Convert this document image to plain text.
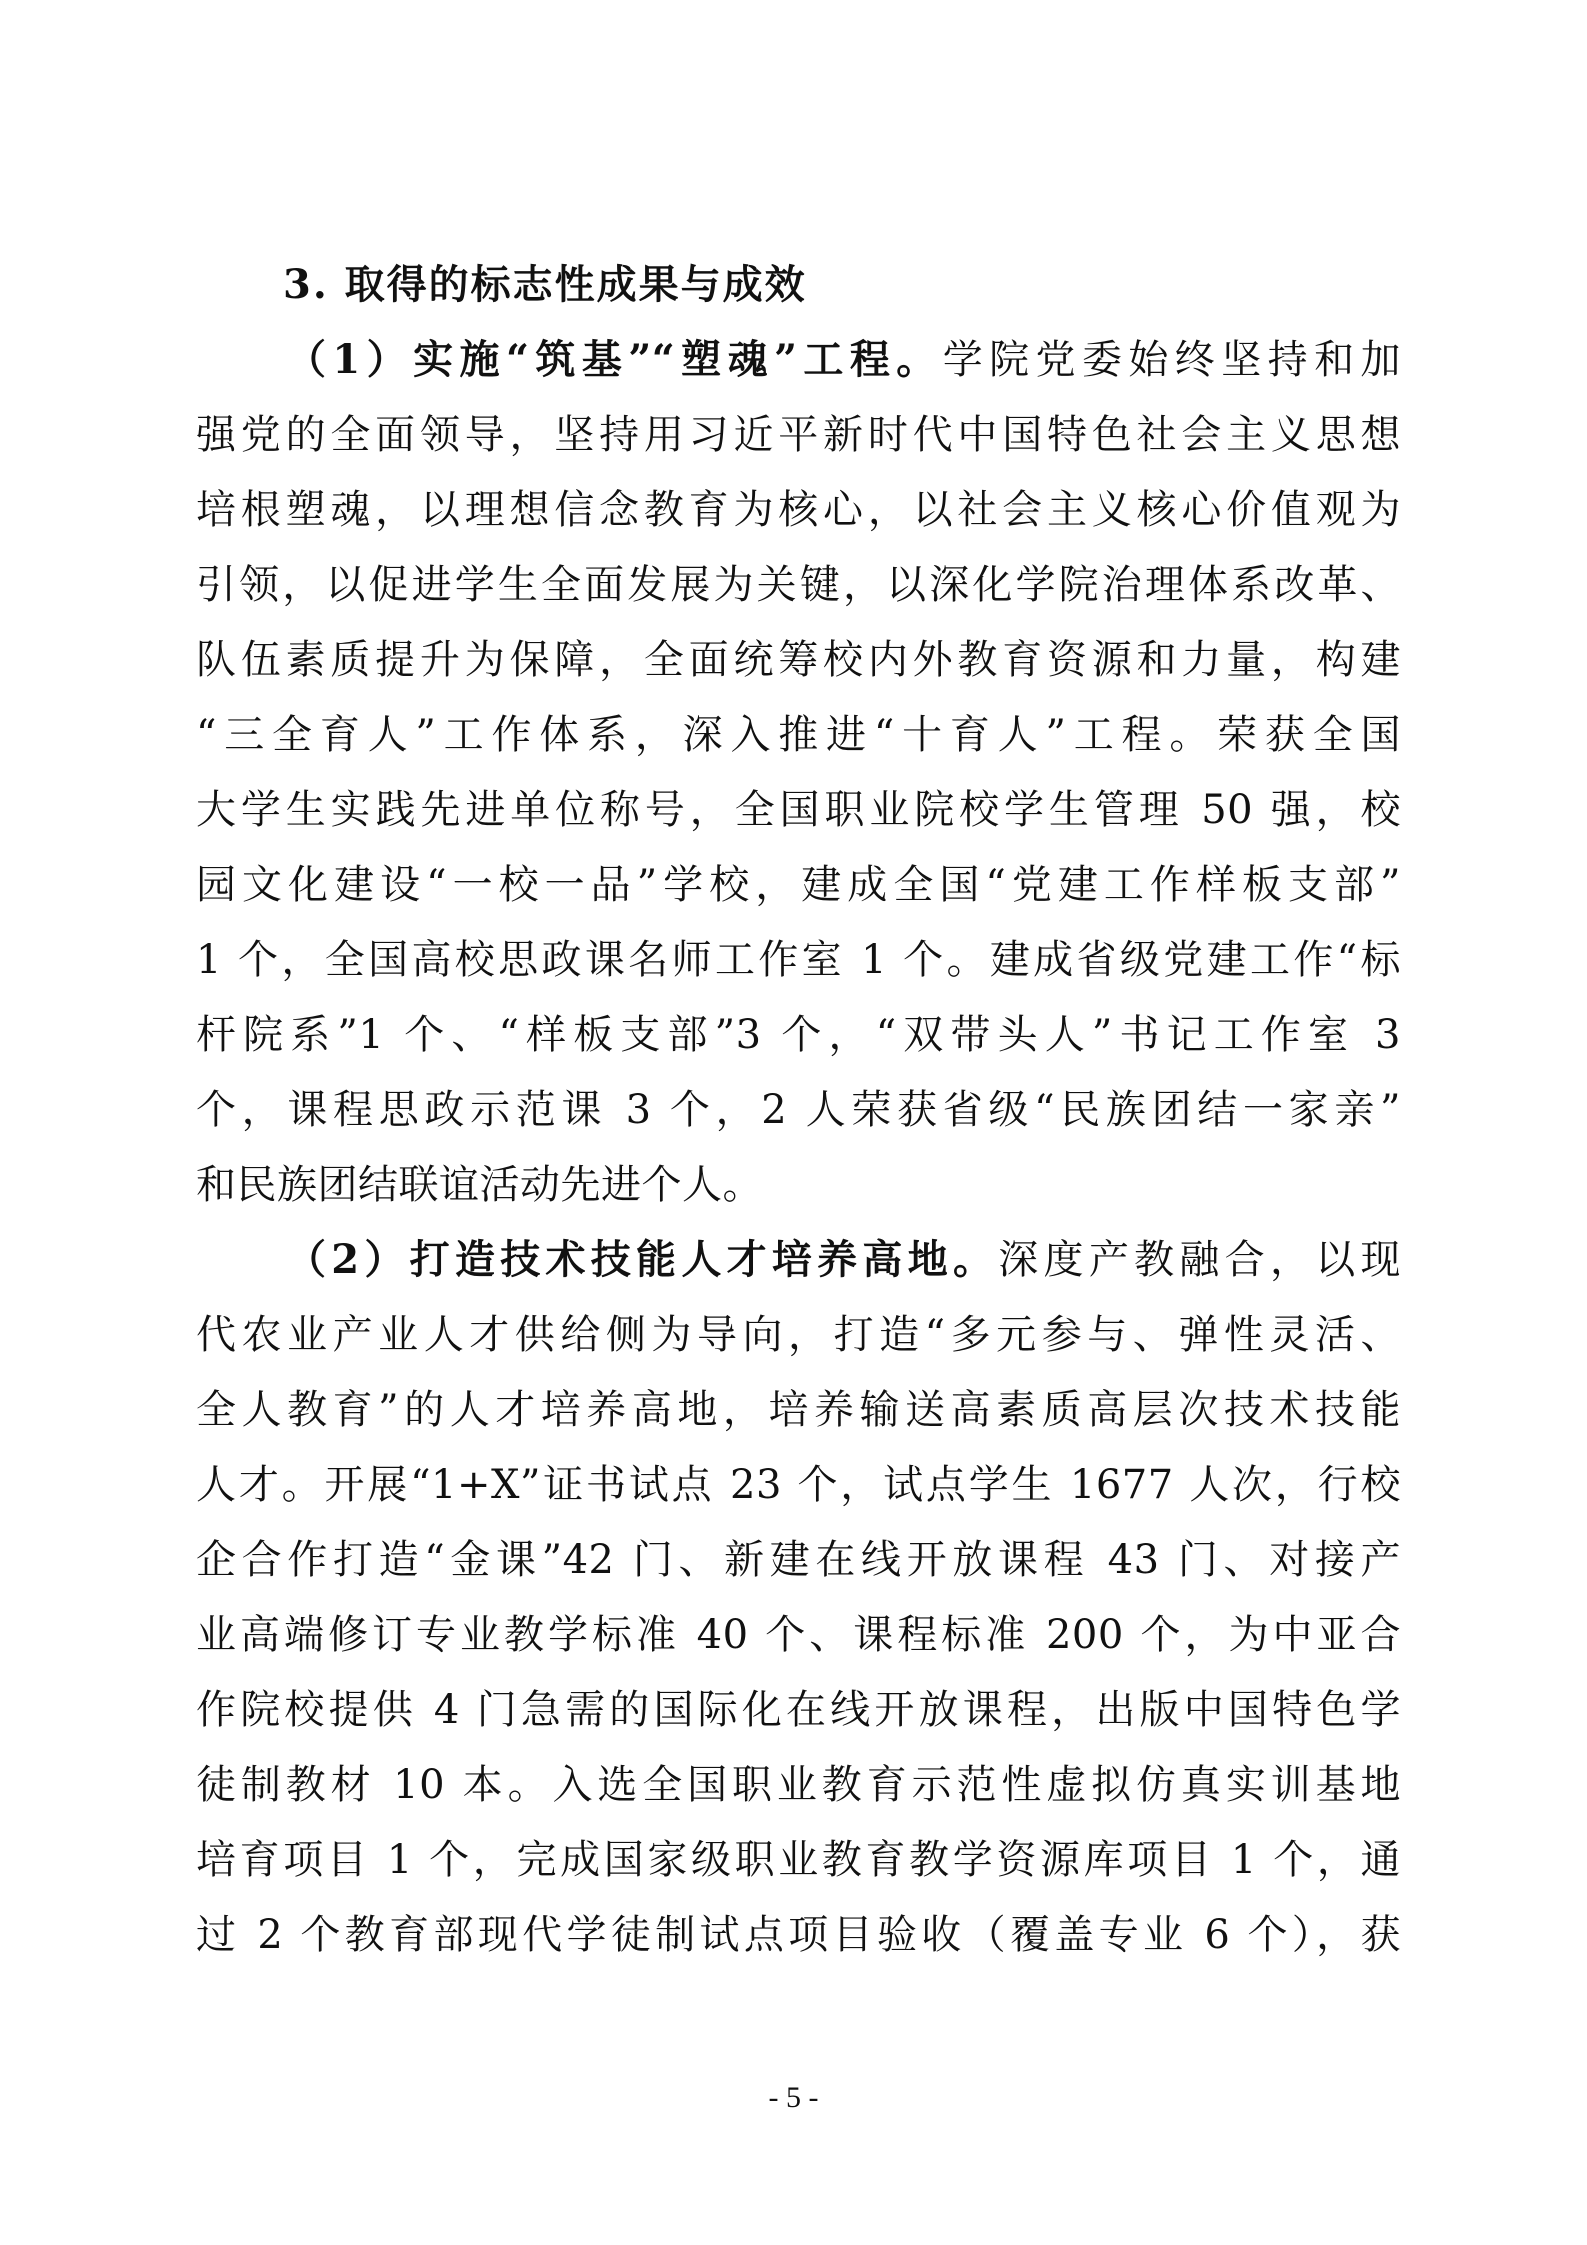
3. 取得的标志性成果与成效
（1）实施“筑基”“塑魂”工程。学院党委始终坚持和加
强党的全面领导，坚持用习近平新时代中国特色社会主义思想
培根塑魂，以理想信念教育为核心，以社会主义核心价值观为
引领，以促进学生全面发展为关键，以深化学院治理体系改革、
队伍素质提升为保障，全面统筹校内外教育资源和力量，构建
“三全育人”工作体系，深入推进“十育人”工程。荣获全国
大学生实践先进单位称号，全国职业院校学生管理 50 强，校
园文化建设“一校一品”学校，建成全国“党建工作样板支部”
1 个，全国高校思政课名师工作室 1 个。建成省级党建工作“标
杆院系”1 个、“样板支部”3 个，“双带头人”书记工作室 3
个，课程思政示范课 3 个，2 人荣获省级“民族团结一家亲”
和民族团结联谊活动先进个人。
（2）打造技术技能人才培养高地。深度产教融合，以现
代农业产业人才供给侧为导向，打造“多元参与、弹性灵活、
全人教育”的人才培养高地，培养输送高素质高层次技术技能
人才。开展“1+X”证书试点 23 个，试点学生 1677 人次，行校
企合作打造“金课”42 门、新建在线开放课程 43 门、对接产
业高端修订专业教学标准 40 个、课程标准 200 个，为中亚合
作院校提供 4 门急需的国际化在线开放课程，出版中国特色学
徒制教材 10 本。入选全国职业教育示范性虚拟仿真实训基地
培育项目 1 个，完成国家级职业教育教学资源库项目 1 个，通
过 2 个教育部现代学徒制试点项目验收（覆盖专业 6 个），获
- 5 -
